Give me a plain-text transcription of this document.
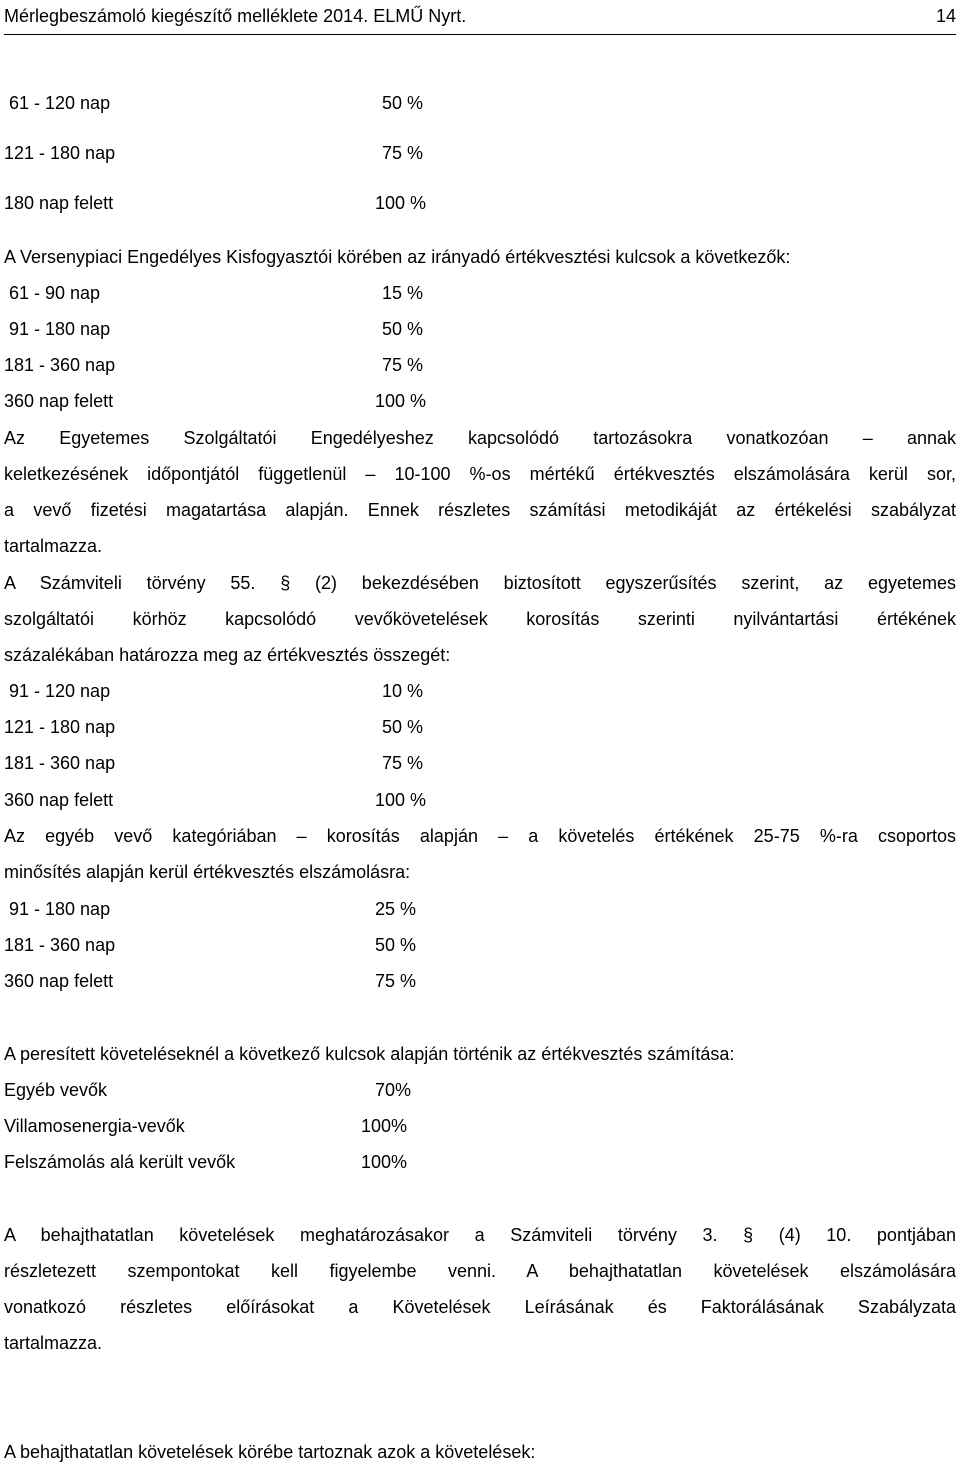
Mérlegbeszámoló kiegészítő melléklete 2014. ELMŰ Nyrt.	14
61 - 120 nap	50 %
121 - 180 nap	75 %
180 nap felett	100 %
A Versenypiaci Engedélyes Kisfogyasztói körében az irányadó értékvesztési kulcsok a következők:
61 - 90 nap	15 %
91 - 180 nap	50 %
181 - 360 nap	75 %
360 nap felett	100 %
Az Egyetemes Szolgáltatói Engedélyeshez kapcsolódó tartozásokra vonatkozóan – annak
keletkezésének időpontjától függetlenül – 10-100 %-os mértékű értékvesztés elszámolására kerül sor,
a vevő fizetési magatartása alapján. Ennek részletes számítási metodikáját az értékelési szabályzat
tartalmazza.
A Számviteli törvény 55. § (2) bekezdésében biztosított egyszerűsítés szerint, az egyetemes
szolgáltatói körhöz kapcsolódó vevőkövetelések korosítás szerinti nyilvántartási értékének
százalékában határozza meg az értékvesztés összegét:
91 - 120 nap	10 %
121 - 180 nap	50 %
181 - 360 nap	75 %
360 nap felett	100 %
Az egyéb vevő kategóriában – korosítás alapján – a követelés értékének 25-75 %-ra csoportos
minősítés alapján kerül értékvesztés elszámolásra:
91 - 180 nap	25 %
181 - 360 nap	50 %
360 nap felett	75 %
A peresített követeléseknél a következő kulcsok alapján történik az értékvesztés számítása:
Egyéb vevők	70%
Villamosenergia-vevők	100%
Felszámolás alá került vevők	100%
A behajthatatlan követelések meghatározásakor a Számviteli törvény 3. § (4) 10. pontjában
részletezett szempontokat kell figyelembe venni. A behajthatatlan követelések elszámolására
vonatkozó részletes előírásokat a Követelések Leírásának és Faktorálásának Szabályzata
tartalmazza.
A behajthatatlan követelések körébe tartoznak azok a követelések:
